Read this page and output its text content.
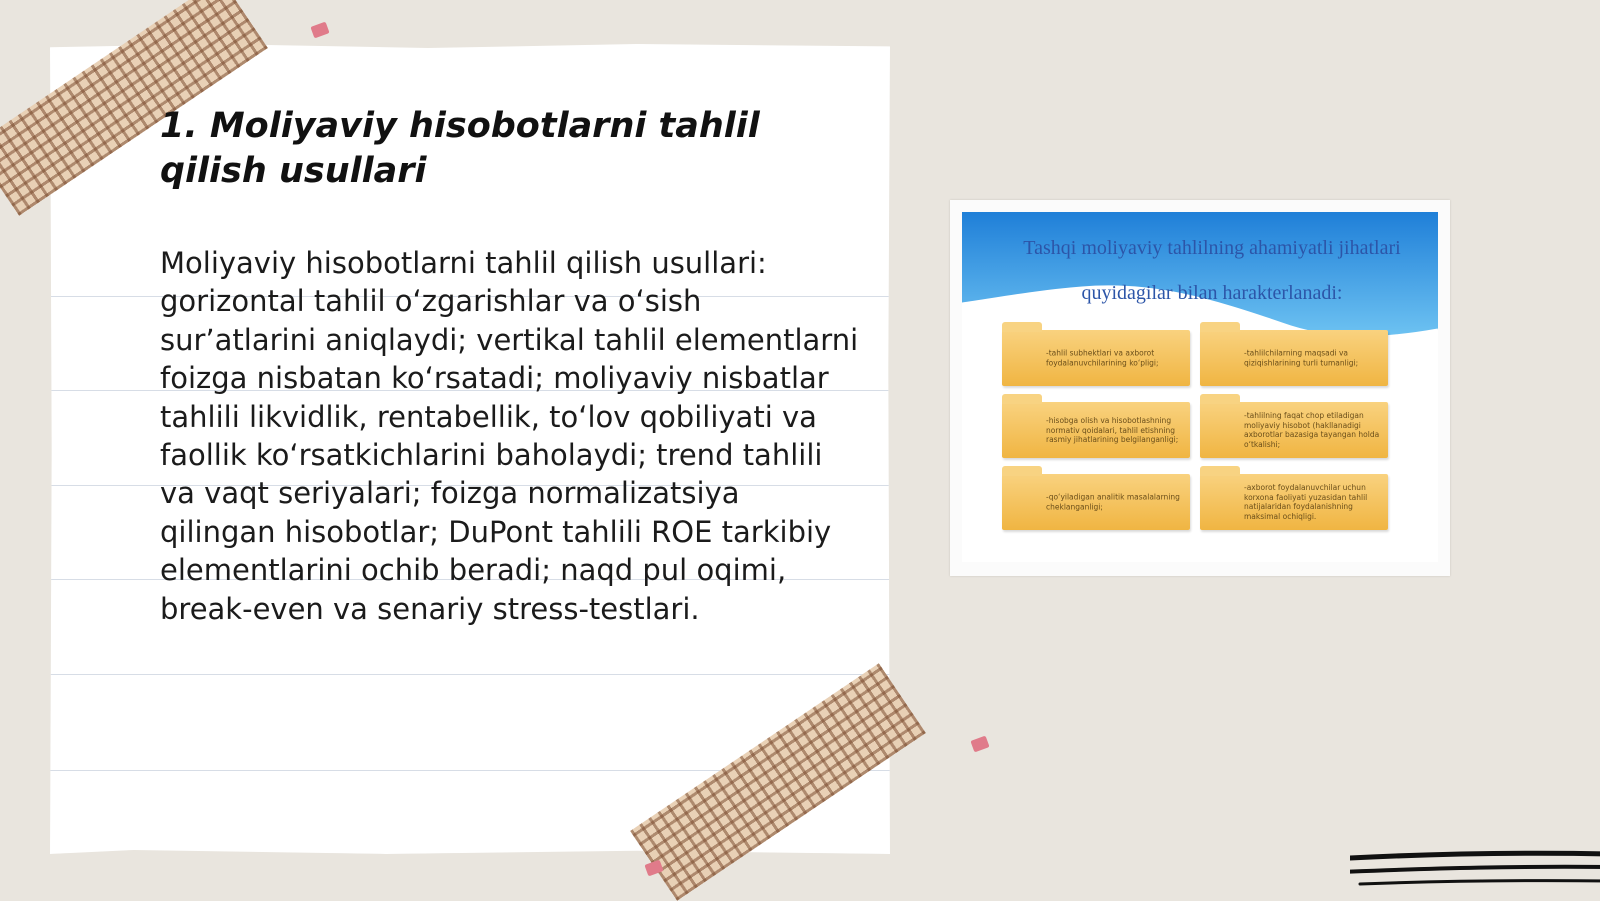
1. Moliyaviy hisobotlarni tahlil qilish usullari

Moliyaviy hisobotlarni tahlil qilish usullari: gorizontal tahlil o‘zgarishlar va o‘sish sur’atlarini aniqlaydi; vertikal tahlil elementlarni foizga nisbatan ko‘rsatadi; moliyaviy nisbatlar tahlili likvidlik, rentabellik, to‘lov qobiliyati va faollik ko‘rsatkichlarini baholaydi; trend tahlili va vaqt seriyalari; foizga normalizatsiya qilingan hisobotlar; DuPont tahlili ROE tarkibiy elementlarini ochib beradi; naqd pul oqimi, break-even va senariy stress-testlari.

Tashqi moliyaviy tahlilning ahamiyatli jihatlari quyidagilar bilan harakterlanadi:
-tahlil subhektlari va axborot foydalanuvchilarining ko‘pligi;
-tahlilchilarning maqsadi va qiziqishlarining turli tumanligi;
-hisobga olish va hisobotlashning normativ qoidalari, tahlil etishning rasmiy jihatlarining belgilanganligi;
-tahlilning faqat chop etiladigan moliyaviy hisobot (hakllanadigi axborotlar bazasiga tayangan holda o‘tkalishi;
-qo‘yiladigan analitik masalalarning cheklanganligi;
-axborot foydalanuvchilar uchun korxona faoliyati yuzasidan tahlil natijalaridan foydalanishning maksimal ochiqligi.
